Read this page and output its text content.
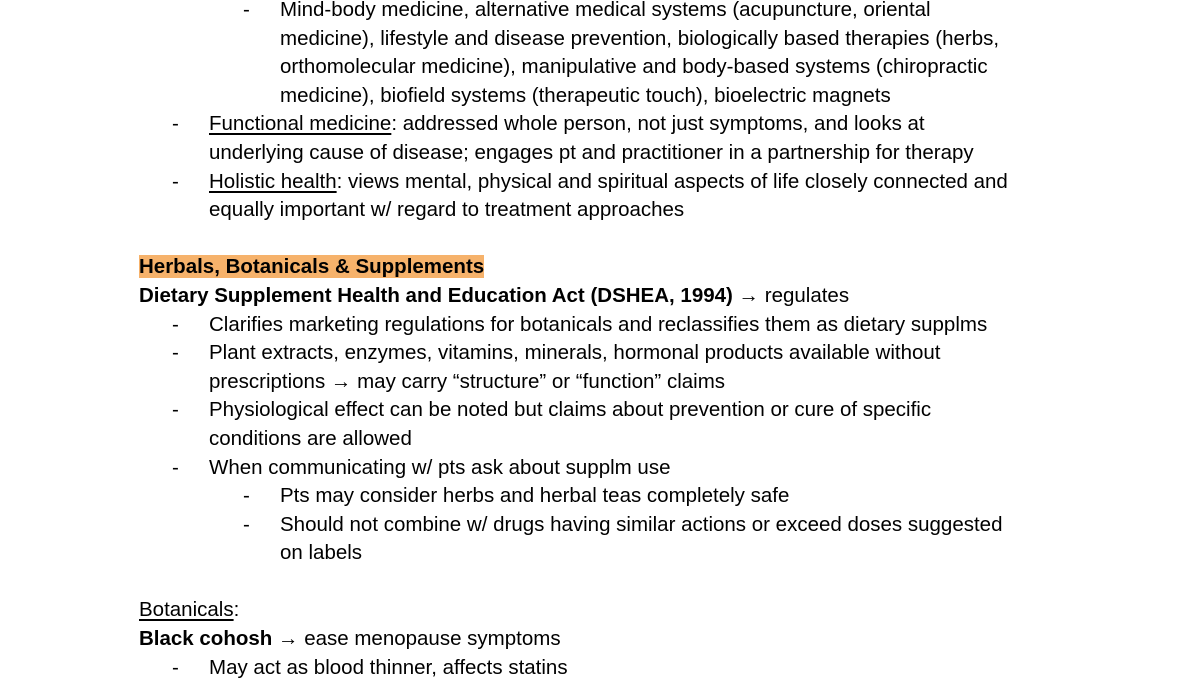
- Mind-body medicine, alternative medical systems (acupuncture, oriental
medicine), lifestyle and disease prevention, biologically based therapies (herbs,
orthomolecular medicine), manipulative and body-based systems (chiropractic
medicine), biofield systems (therapeutic touch), bioelectric magnets
- Functional medicine: addressed whole person, not just symptoms, and looks at
underlying cause of disease; engages pt and practitioner in a partnership for therapy
- Holistic health: views mental, physical and spiritual aspects of life closely connected and
equally important w/ regard to treatment approaches
Herbals, Botanicals & Supplements
Dietary Supplement Health and Education Act (DSHEA, 1994) → regulates
- Clarifies marketing regulations for botanicals and reclassifies them as dietary supplms
- Plant extracts, enzymes, vitamins, minerals, hormonal products available without
prescriptions → may carry “structure” or “function” claims
- Physiological effect can be noted but claims about prevention or cure of specific
conditions are allowed
- When communicating w/ pts ask about supplm use
- Pts may consider herbs and herbal teas completely safe
- Should not combine w/ drugs having similar actions or exceed doses suggested
on labels
Botanicals:
Black cohosh → ease menopause symptoms
- May act as blood thinner, affects statins
